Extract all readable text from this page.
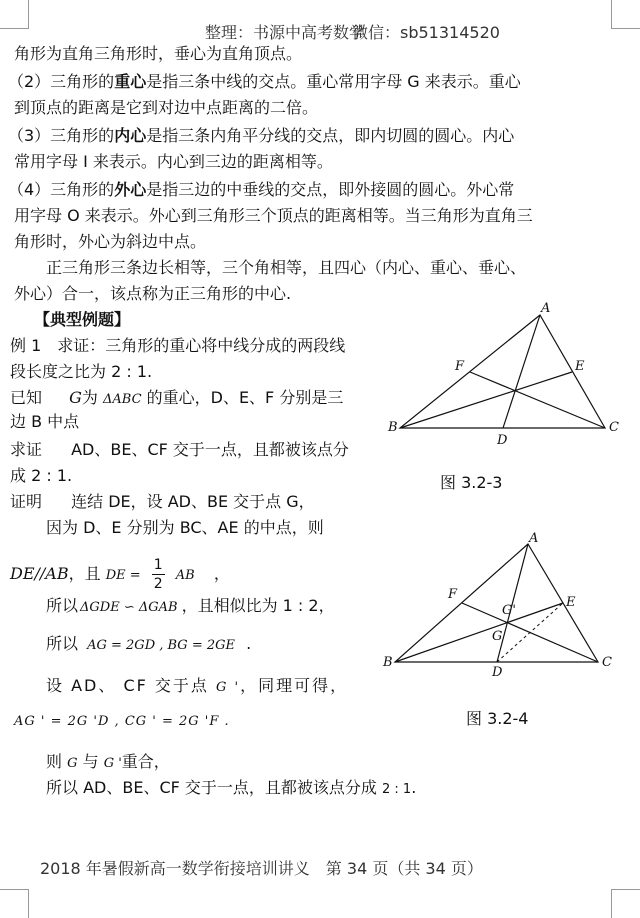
整理：书源中高考数学
微信：sb51314520
角形为直角三角形时，垂心为直角顶点。
（2）三角形的重心是指三条中线的交点。重心常用字母 G 来表示。重心
到顶点的距离是它到对边中点距离的二倍。
（3）三角形的内心是指三条内角平分线的交点，即内切圆的圆心。内心
常用字母 I 来表示。内心到三边的距离相等。
（4）三角形的外心是指三边的中垂线的交点，即外接圆的圆心。外心常
用字母 O 来表示。外心到三角形三个顶点的距离相等。当三角形为直角三
角形时，外心为斜边中点。
正三角形三条边长相等，三个角相等，且四心（内心、重心、垂心、
外心）合一，该点称为正三角形的中心.
【典型例题】
例 1　求证：三角形的重心将中线分成的两段线
段长度之比为 2 : 1.
已知 G为 ΔABC 的重心，D、E、F 分别是三
边 B 中点
求证 AD、BE、CF 交于一点，且都被该点分
成 2 : 1.
证明 连结 DE，设 AD、BE 交于点 G，
因为 D、E 分别为 BC、AE 的中点，则
DE//AB，且 DE = $\frac{1}{2}$ AB ，
所以 ΔGDE ∽ ΔGAB ，且相似比为 1 : 2，
所以 AG = 2GD , BG = 2GE .
设 AD、 CF 交于点 G '，同理可得，
AG ' = 2G 'D , CG ' = 2G 'F .
则 G 与 G '重合，
所以 AD、BE、CF 交于一点，且都被该点分成 2 : 1.
A
B	C
D
E
F
图 3.2-3
A
B	C
D
E
F
G'
G
图 3.2-4
2018 年暑假新高一数学衔接培训讲义　第 34 页（共 34 页）
